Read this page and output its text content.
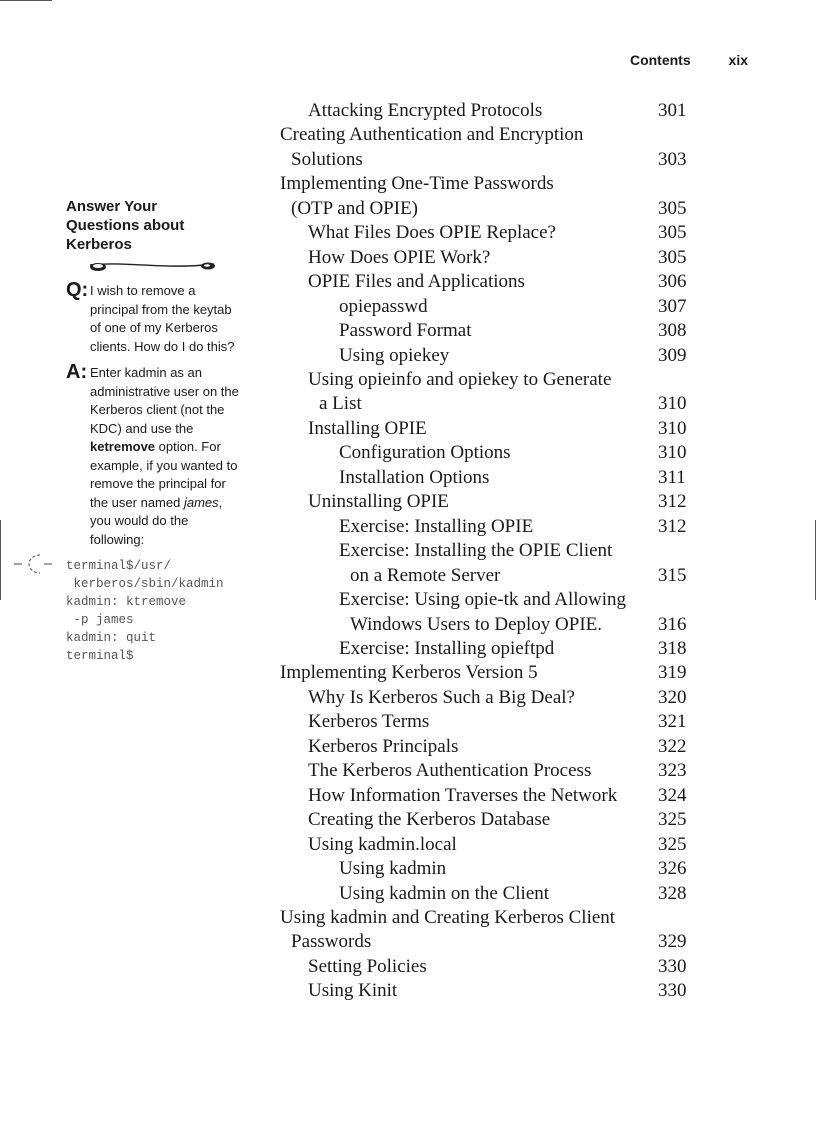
Contents	xix
Answer Your
Questions about
Kerberos
Q: I wish to remove a principal from the keytab of one of my Kerberos clients. How do I do this?
A: Enter kadmin as an administrative user on the Kerberos client (not the KDC) and use the ketremove option. For example, if you wanted to remove the principal for the user named james, you would do the following:
terminal$/usr/
kerberos/sbin/kadmin
kadmin: ktremove
-p james
kadmin: quit
terminal$
Attacking Encrypted Protocols	301
Creating Authentication and Encryption
Solutions	303
Implementing One-Time Passwords
(OTP and OPIE)	305
What Files Does OPIE Replace?	305
How Does OPIE Work?	305
OPIE Files and Applications	306
opiepasswd	307
Password Format	308
Using opiekey	309
Using opieinfo and opiekey to Generate
a List	310
Installing OPIE	310
Configuration Options	310
Installation Options	311
Uninstalling OPIE	312
Exercise: Installing OPIE	312
Exercise: Installing the OPIE Client
on a Remote Server	315
Exercise: Using opie-tk and Allowing
Windows Users to Deploy OPIE.	316
Exercise: Installing opieftpd	318
Implementing Kerberos Version 5	319
Why Is Kerberos Such a Big Deal?	320
Kerberos Terms	321
Kerberos Principals	322
The Kerberos Authentication Process	323
How Information Traverses the Network 324
Creating the Kerberos Database	325
Using kadmin.local	325
Using kadmin	326
Using kadmin on the Client	328
Using kadmin and Creating Kerberos Client
Passwords	329
Setting Policies	330
Using Kinit	330
